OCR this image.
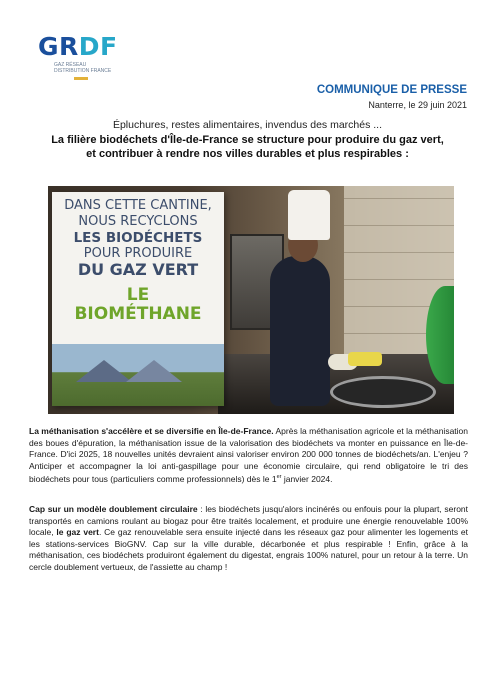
GRDF
GAZ RÉSEAU DISTRIBUTION FRANCE
COMMUNIQUE DE PRESSE
Nanterre, le 29 juin 2021
Épluchures, restes alimentaires, invendus des marchés ...
La filière biodéchets d'Île-de-France se structure pour produire du gaz vert,
et contribuer à rendre nos villes durables et plus respirables :
DANS CETTE CANTINE,
NOUS RECYCLONS
LES BIODÉCHETS
POUR PRODUIRE
DU GAZ VERT
LE
BIOMÉTHANE
La méthanisation s'accélère et se diversifie en Île-de-France. Après la méthanisation agricole et la méthanisation des boues d'épuration, la méthanisation issue de la valorisation des biodéchets va monter en puissance en Île-de-France. D'ici 2025, 18 nouvelles unités devraient ainsi valoriser environ 200 000 tonnes de biodéchets/an. L'enjeu ? Anticiper et accompagner la loi anti-gaspillage pour une économie circulaire, qui rend obligatoire le tri des biodéchets pour tous (particuliers comme professionnels) dès le 1er janvier 2024.
Cap sur un modèle doublement circulaire : les biodéchets jusqu'alors incinérés ou enfouis pour la plupart, seront transportés en camions roulant au biogaz pour être traités localement, et produire une énergie renouvelable 100% locale, le gaz vert. Ce gaz renouvelable sera ensuite injecté dans les réseaux gaz pour alimenter les logements et les stations-services BioGNV. Cap sur la ville durable, décarbonée et plus respirable ! Enfin, grâce à la méthanisation, ces biodéchets produiront également du digestat, engrais 100% naturel, pour un retour à la terre. Un cercle doublement vertueux, de l'assiette au champ !
